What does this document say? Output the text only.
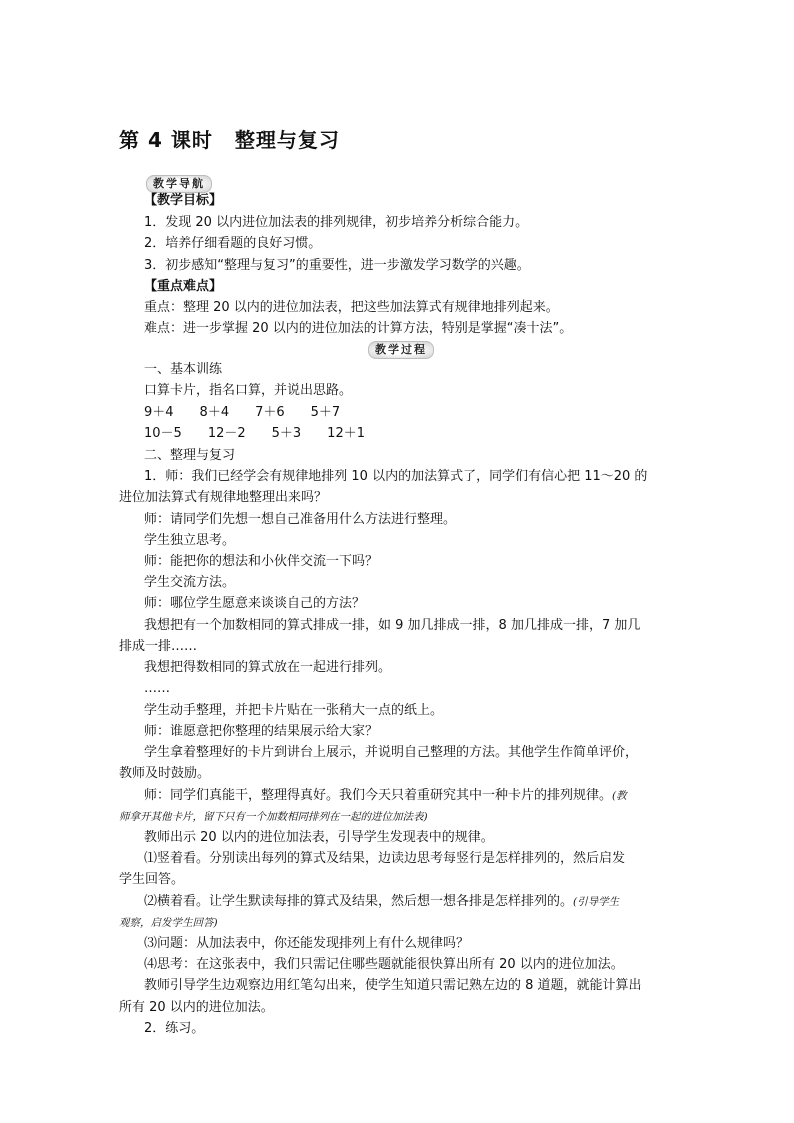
第 4 课时 整理与复习
教学导航
【教学目标】
1．发现 20 以内进位加法表的排列规律，初步培养分析综合能力。
2．培养仔细看题的良好习惯。
3．初步感知“整理与复习”的重要性，进一步激发学习数学的兴趣。
【重点难点】
重点：整理 20 以内的进位加法表，把这些加法算式有规律地排列起来。
难点：进一步掌握 20 以内的进位加法的计算方法，特别是掌握“凑十法”。
教学过程
一、基本训练
口算卡片，指名口算，并说出思路。
9＋4　　8＋4　　7＋6　　5＋7
10－5　　12－2　　5＋3　　12＋1
二、整理与复习
1．师：我们已经学会有规律地排列 10 以内的加法算式了，同学们有信心把 11～20 的
进位加法算式有规律地整理出来吗？
师：请同学们先想一想自己准备用什么方法进行整理。
学生独立思考。
师：能把你的想法和小伙伴交流一下吗？
学生交流方法。
师：哪位学生愿意来谈谈自己的方法？
我想把有一个加数相同的算式排成一排，如 9 加几排成一排，8 加几排成一排，7 加几
排成一排……
我想把得数相同的算式放在一起进行排列。
……
学生动手整理，并把卡片贴在一张稍大一点的纸上。
师：谁愿意把你整理的结果展示给大家？
学生拿着整理好的卡片到讲台上展示，并说明自己整理的方法。其他学生作简单评价，
教师及时鼓励。
师：同学们真能干，整理得真好。我们今天只着重研究其中一种卡片的排列规律。(教
师拿开其他卡片，留下只有一个加数相同排列在一起的进位加法表)
教师出示 20 以内的进位加法表，引导学生发现表中的规律。
⑴竖着看。分别读出每列的算式及结果，边读边思考每竖行是怎样排列的，然后启发
学生回答。
⑵横着看。让学生默读每排的算式及结果，然后想一想各排是怎样排列的。(引导学生
观察，启发学生回答)
⑶问题：从加法表中，你还能发现排列上有什么规律吗？
⑷思考：在这张表中，我们只需记住哪些题就能很快算出所有 20 以内的进位加法。
教师引导学生边观察边用红笔勾出来，使学生知道只需记熟左边的 8 道题，就能计算出
所有 20 以内的进位加法。
2．练习。
